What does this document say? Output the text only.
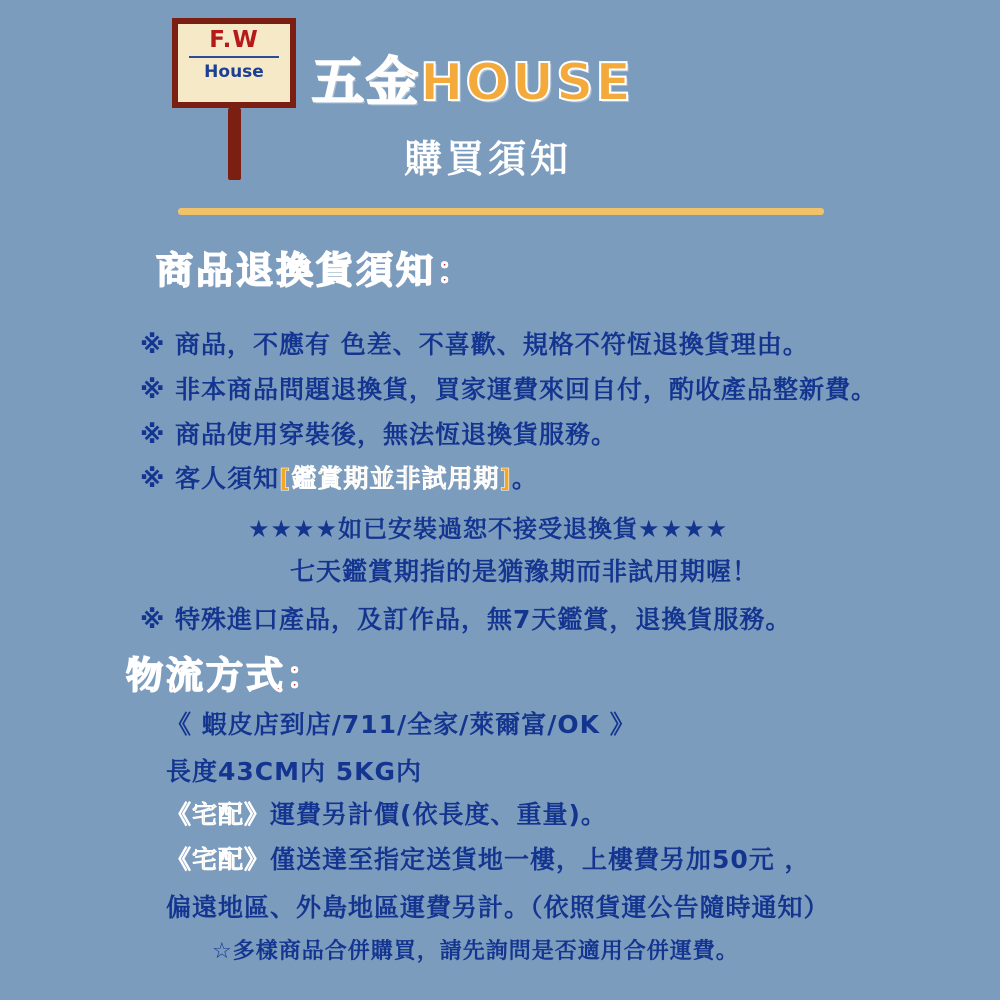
F.W
House 五金HOUSE
購買須知
商品退換貨須知：
※ 商品，不應有 色差、不喜歡、規格不符恆退換貨理由。
※ 非本商品問題退換貨，買家運費來回自付，酌收產品整新費。
※ 商品使用穿裝後，無法恆退換貨服務。
※ 客人須知[鑑賞期並非試用期]。
★★★★如已安裝過恕不接受退換貨★★★★
七天鑑賞期指的是猶豫期而非試用期喔！
※ 特殊進口產品，及訂作品，無7天鑑賞，退換貨服務。
物流方式：
《 蝦皮店到店/711/全家/萊爾富/OK 》
長度43CM内 5KG内
《宅配》運費另計價(依長度、重量)。
《宅配》僅送達至指定送貨地一樓，上樓費另加50元 ，
偏遠地區、外島地區運費另計。（依照貨運公告隨時通知）
☆多樣商品合併購買，請先詢問是否適用合併運費。
